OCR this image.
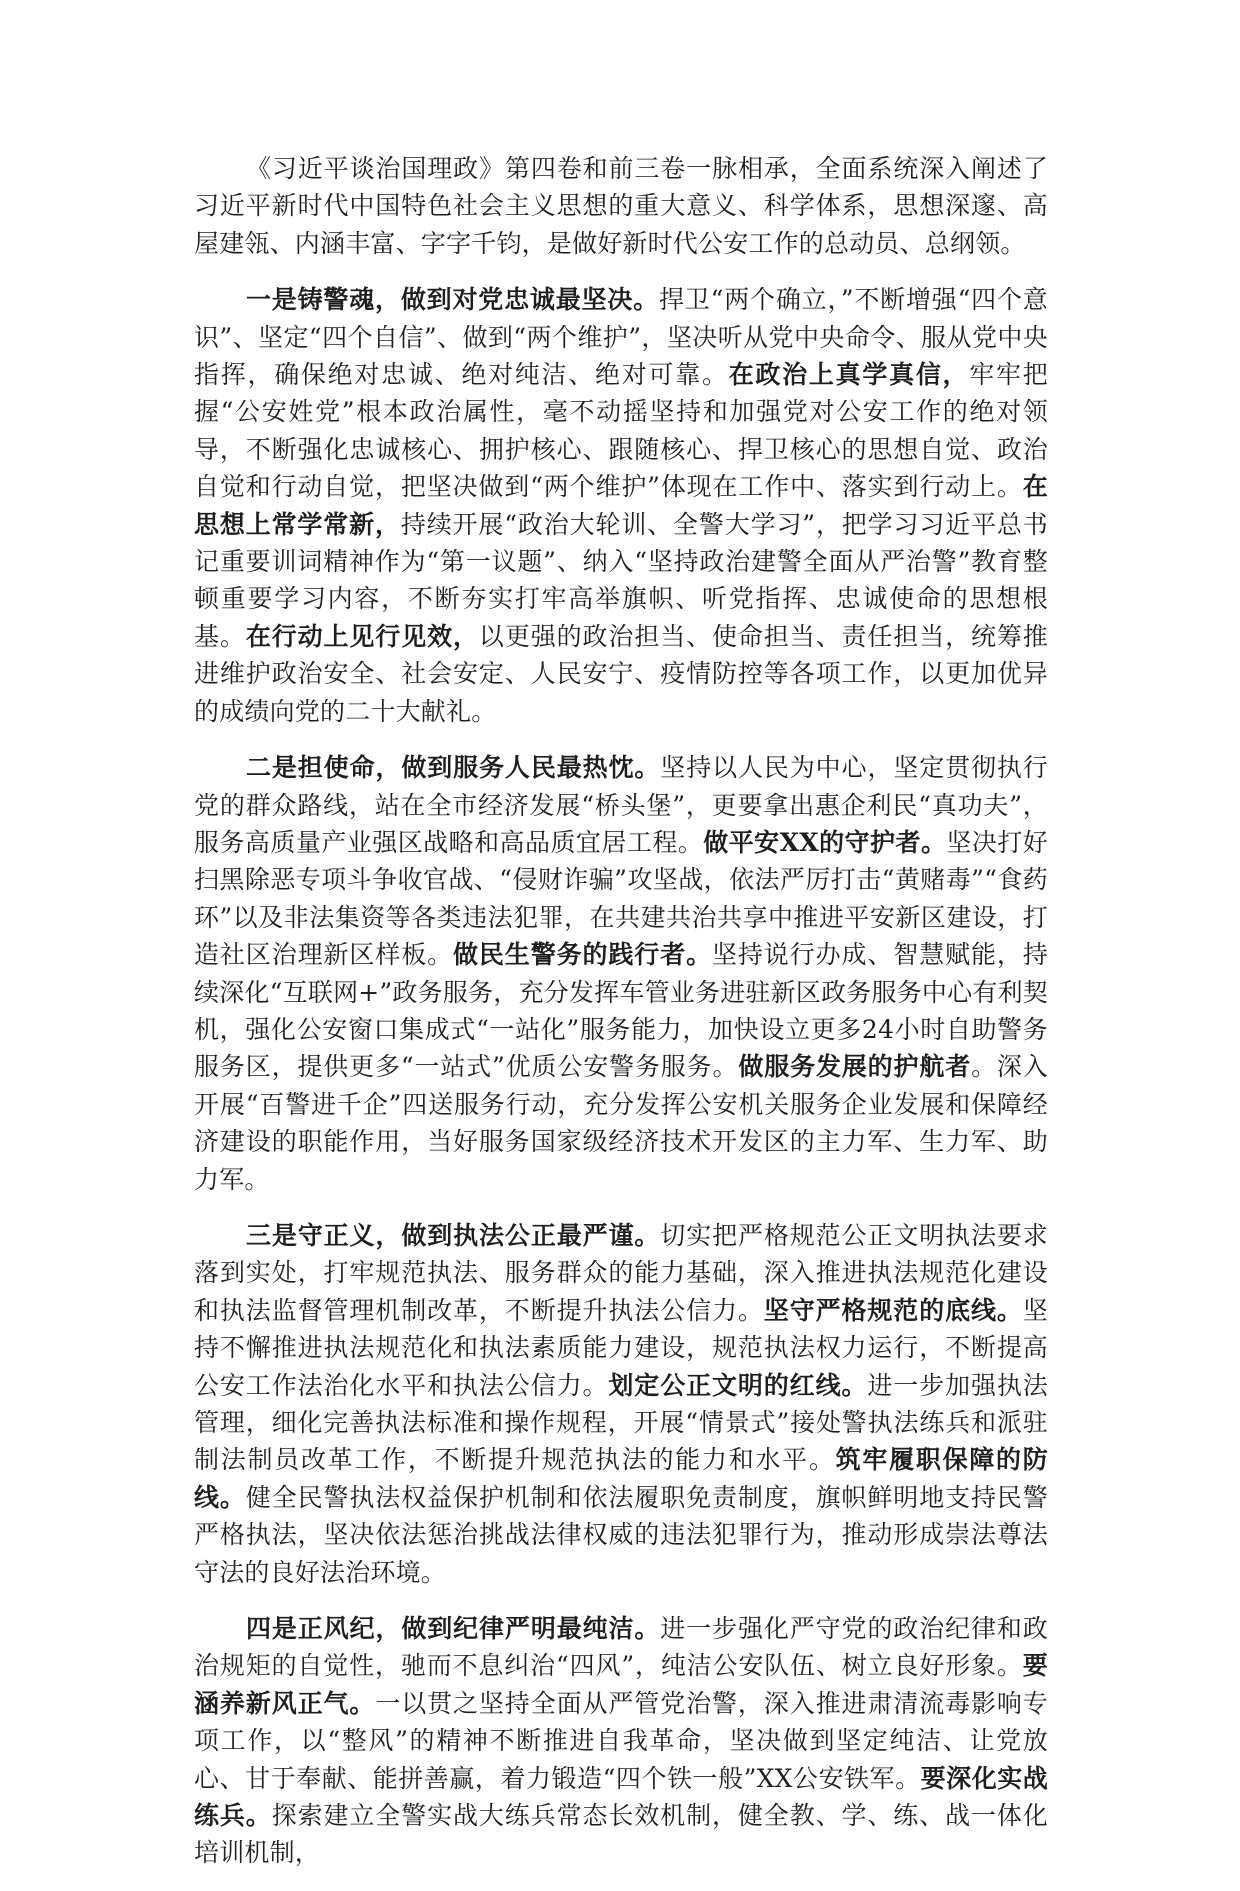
《习近平谈治国理政》第四卷和前三卷一脉相承，全面系统深入阐述了习近平新时代中国特色社会主义思想的重大意义、科学体系，思想深邃、高屋建瓴、内涵丰富、字字千钧，是做好新时代公安工作的总动员、总纲领。

一是铸警魂，做到对党忠诚最坚决。捍卫“两个确立，”不断增强“四个意识”、坚定“四个自信”、做到“两个维护”，坚决听从党中央命令、服从党中央指挥，确保绝对忠诚、绝对纯洁、绝对可靠。在政治上真学真信，牢牢把握“公安姓党”根本政治属性，毫不动摇坚持和加强党对公安工作的绝对领导，不断强化忠诚核心、拥护核心、跟随核心、捍卫核心的思想自觉、政治自觉和行动自觉，把坚决做到“两个维护”体现在工作中、落实到行动上。在思想上常学常新，持续开展“政治大轮训、全警大学习”，把学习习近平总书记重要训词精神作为“第一议题”、纳入“坚持政治建警全面从严治警”教育整顿重要学习内容，不断夯实打牢高举旗帜、听党指挥、忠诚使命的思想根基。在行动上见行见效，以更强的政治担当、使命担当、责任担当，统筹推进维护政治安全、社会安定、人民安宁、疫情防控等各项工作，以更加优异的成绩向党的二十大献礼。

二是担使命，做到服务人民最热忱。坚持以人民为中心，坚定贯彻执行党的群众路线，站在全市经济发展“桥头堡”，更要拿出惠企利民“真功夫”，服务高质量产业强区战略和高品质宜居工程。做平安XX的守护者。坚决打好扫黑除恶专项斗争收官战、“侵财诈骗”攻坚战，依法严厉打击“黄赌毒”“食药环”以及非法集资等各类违法犯罪，在共建共治共享中推进平安新区建设，打造社区治理新区样板。做民生警务的践行者。坚持说行办成、智慧赋能，持续深化“互联网+”政务服务，充分发挥车管业务进驻新区政务服务中心有利契机，强化公安窗口集成式“一站化”服务能力，加快设立更多24小时自助警务服务区，提供更多“一站式”优质公安警务服务。做服务发展的护航者。深入开展“百警进千企”四送服务行动，充分发挥公安机关服务企业发展和保障经济建设的职能作用，当好服务国家级经济技术开发区的主力军、生力军、助力军。

三是守正义，做到执法公正最严谨。切实把严格规范公正文明执法要求落到实处，打牢规范执法、服务群众的能力基础，深入推进执法规范化建设和执法监督管理机制改革，不断提升执法公信力。坚守严格规范的底线。坚持不懈推进执法规范化和执法素质能力建设，规范执法权力运行，不断提高公安工作法治化水平和执法公信力。划定公正文明的红线。进一步加强执法管理，细化完善执法标准和操作规程，开展“情景式”接处警执法练兵和派驻制法制员改革工作，不断提升规范执法的能力和水平。筑牢履职保障的防线。健全民警执法权益保护机制和依法履职免责制度，旗帜鲜明地支持民警严格执法，坚决依法惩治挑战法律权威的违法犯罪行为，推动形成崇法尊法守法的良好法治环境。

四是正风纪，做到纪律严明最纯洁。进一步强化严守党的政治纪律和政治规矩的自觉性，驰而不息纠治“四风”，纯洁公安队伍、树立良好形象。要涵养新风正气。一以贯之坚持全面从严管党治警，深入推进肃清流毒影响专项工作，以“整风”的精神不断推进自我革命，坚决做到坚定纯洁、让党放心、甘于奉献、能拼善赢，着力锻造“四个铁一般”XX公安铁军。要深化实战练兵。探索建立全警实战大练兵常态长效机制，健全教、学、练、战一体化培训机制，
